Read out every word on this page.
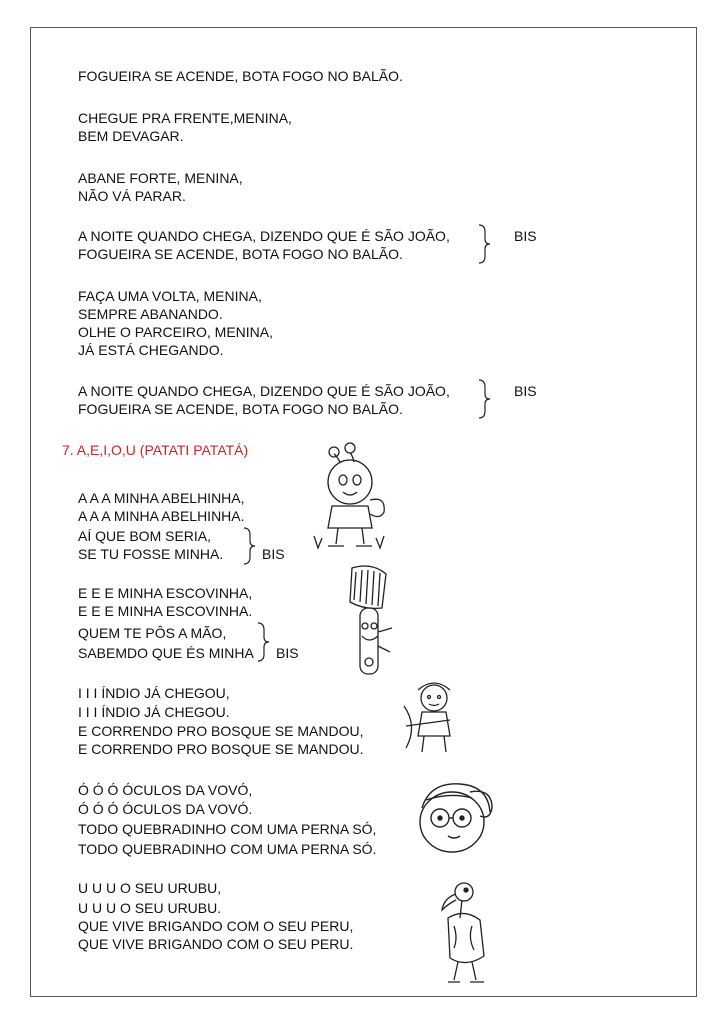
FOGUEIRA SE ACENDE, BOTA FOGO NO BALÃO.
CHEGUE PRA FRENTE,MENINA,
BEM DEVAGAR.
ABANE FORTE, MENINA,
NÃO VÁ PARAR.
A NOITE QUANDO CHEGA, DIZENDO QUE É SÃO JOÃO,
FOGUEIRA SE ACENDE, BOTA FOGO NO BALÃO.
BIS
FAÇA UMA VOLTA, MENINA,
SEMPRE ABANANDO.
OLHE O PARCEIRO, MENINA,
JÁ ESTÁ CHEGANDO.
A NOITE QUANDO CHEGA, DIZENDO QUE É SÃO JOÃO,
FOGUEIRA SE ACENDE, BOTA FOGO NO BALÃO.
BIS
7. A,E,I,O,U (PATATI PATATÁ)
A A A MINHA ABELHINHA,
A A A MINHA ABELHINHA.
AÍ QUE BOM SERIA,
SE TU FOSSE MINHA.	BIS
E E E MINHA ESCOVINHA,
E E E MINHA ESCOVINHA.
QUEM TE PÔS A MÃO,
SABEMDO QUE ÉS MINHA BIS
I I I ÍNDIO JÁ CHEGOU,
I I I ÍNDIO JÁ CHEGOU.
E CORRENDO PRO BOSQUE SE MANDOU,
E CORRENDO PRO BOSQUE SE MANDOU.
Ó Ó Ó ÓCULOS DA VOVÓ,
Ó Ó Ó ÓCULOS DA VOVÓ.
TODO QUEBRADINHO COM UMA PERNA SÓ,
TODO QUEBRADINHO COM UMA PERNA SÓ.
U U U O SEU URUBU,
U U U O SEU URUBU.
QUE VIVE BRIGANDO COM O SEU PERU,
QUE VIVE BRIGANDO COM O SEU PERU.
